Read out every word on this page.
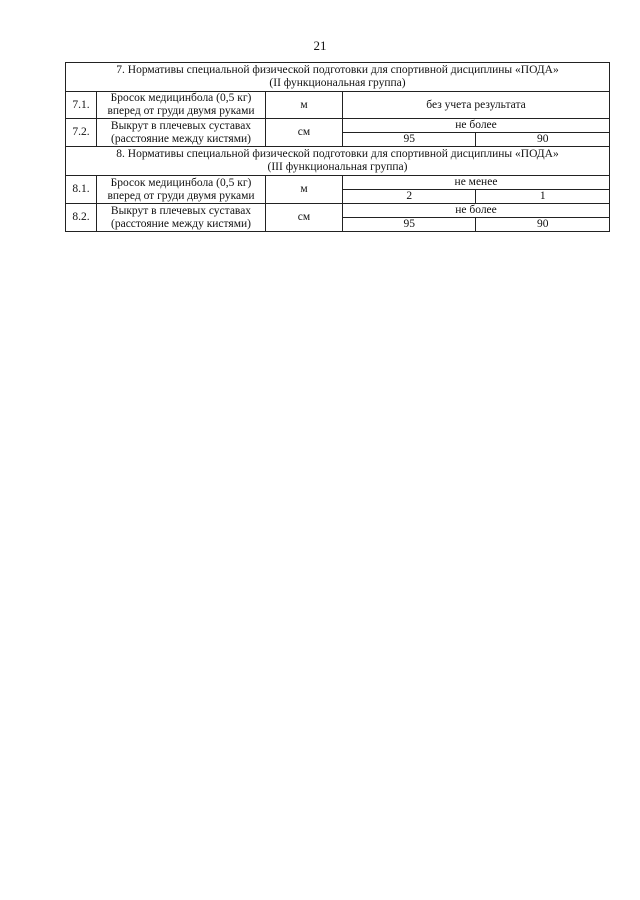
21
7. Нормативы специальной физической подготовки для спортивной дисциплины «ПОДА»
(II функциональная группа)				

7.1.	Бросок медицинбола (0,5 кг)
вперед от груди двумя руками	м	без учета результата	
7.2.	Выкрут в плечевых суставах
(расстояние между кистями)	см	не более	
			95	90

8. Нормативы специальной физической подготовки для спортивной дисциплины «ПОДА»
(III функциональная группа)				

8.1.	Бросок медицинбола (0,5 кг)
вперед от груди двумя руками	м	не менее	
			2	1
8.2.	Выкрут в плечевых суставах
(расстояние между кистями)	см	не более	
			95	90
